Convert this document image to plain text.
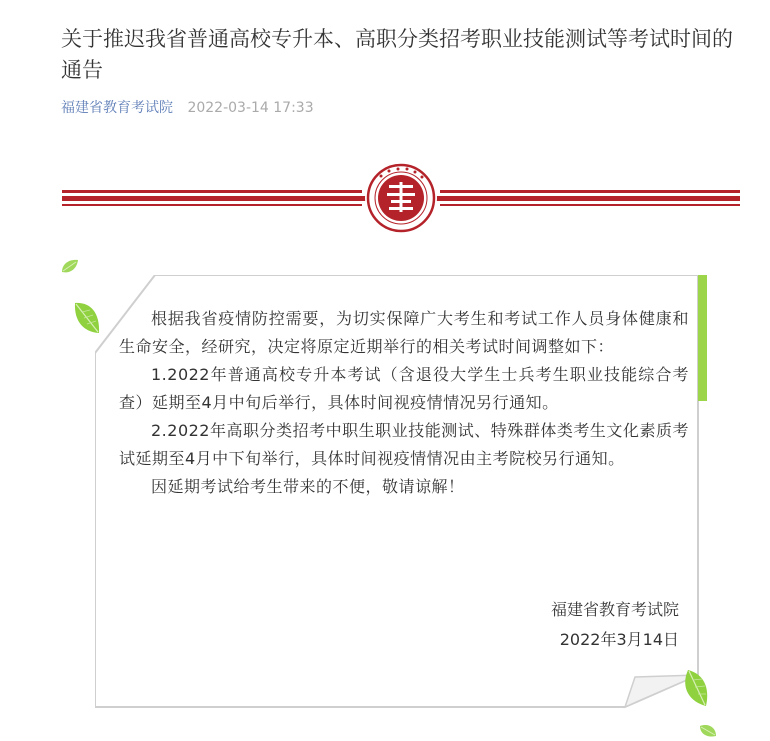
关于推迟我省普通高校专升本、高职分类招考职业技能测试等考试时间的通告
福建省教育考试院 2022-03-14 17:33

根据我省疫情防控需要，为切实保障广大考生和考试工作人员身体健康和生命安全，经研究，决定将原定近期举行的相关考试时间调整如下：

1.2022年普通高校专升本考试（含退役大学生士兵考生职业技能综合考查）延期至4月中旬后举行，具体时间视疫情情况另行通知。

2.2022年高职分类招考中职生职业技能测试、特殊群体类考生文化素质考试延期至4月中下旬举行，具体时间视疫情情况由主考院校另行通知。

因延期考试给考生带来的不便，敬请谅解！

福建省教育考试院
2022年3月14日
